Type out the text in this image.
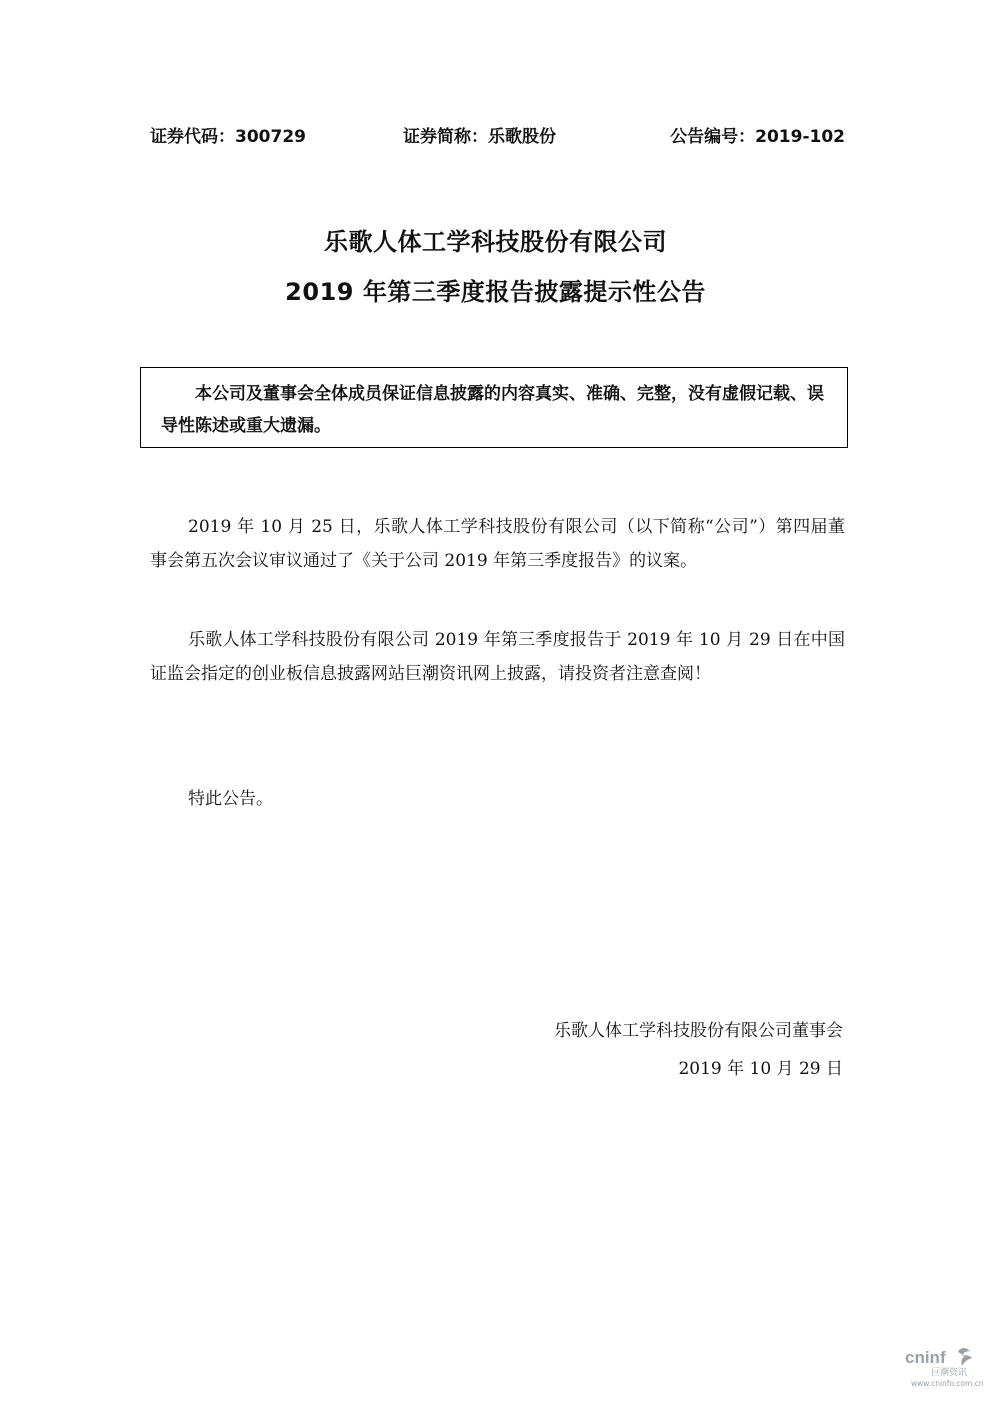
证券代码：300729	证券简称：乐歌股份	公告编号：2019-102
乐歌人体工学科技股份有限公司
2019 年第三季度报告披露提示性公告
本公司及董事会全体成员保证信息披露的内容真实、准确、完整，没有虚假记载、误导性陈述或重大遗漏。
2019 年 10 月 25 日，乐歌人体工学科技股份有限公司（以下简称“公司”）第四届董事会第五次会议审议通过了《关于公司 2019 年第三季度报告》的议案。
乐歌人体工学科技股份有限公司 2019 年第三季度报告于 2019 年 10 月 29 日在中国证监会指定的创业板信息披露网站巨潮资讯网上披露，请投资者注意查阅！
特此公告。
乐歌人体工学科技股份有限公司董事会
2019 年 10 月 29 日
cninf
巨潮资讯
www.cninfo.com.cn
